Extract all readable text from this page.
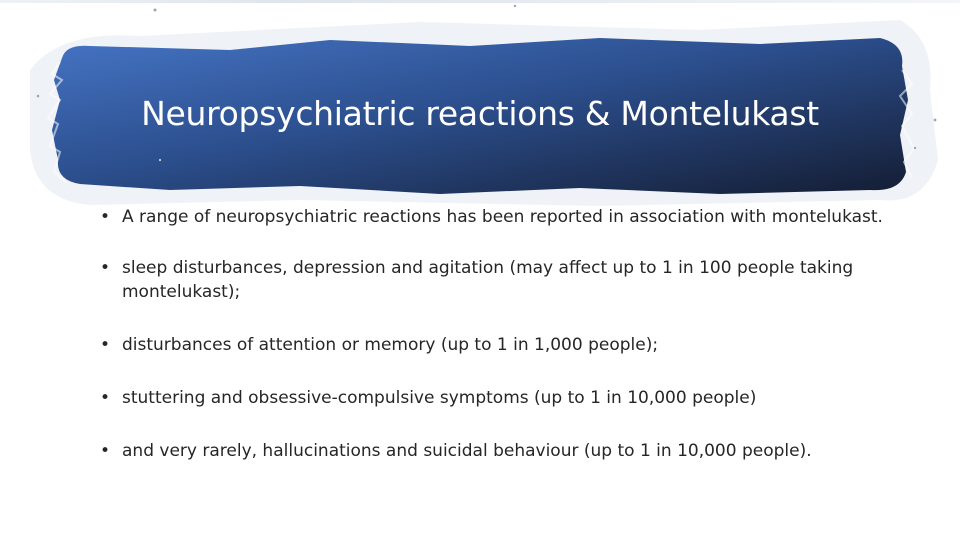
Neuropsychiatric reactions & Montelukast
• A range of neuropsychiatric reactions has been reported in association with montelukast.
• sleep disturbances, depression and agitation (may affect up to 1 in 100 people taking montelukast);
• disturbances of attention or memory (up to 1 in 1,000 people);
• stuttering and obsessive-compulsive symptoms (up to 1 in 10,000 people)
• and very rarely, hallucinations and suicidal behaviour (up to 1 in 10,000 people).
